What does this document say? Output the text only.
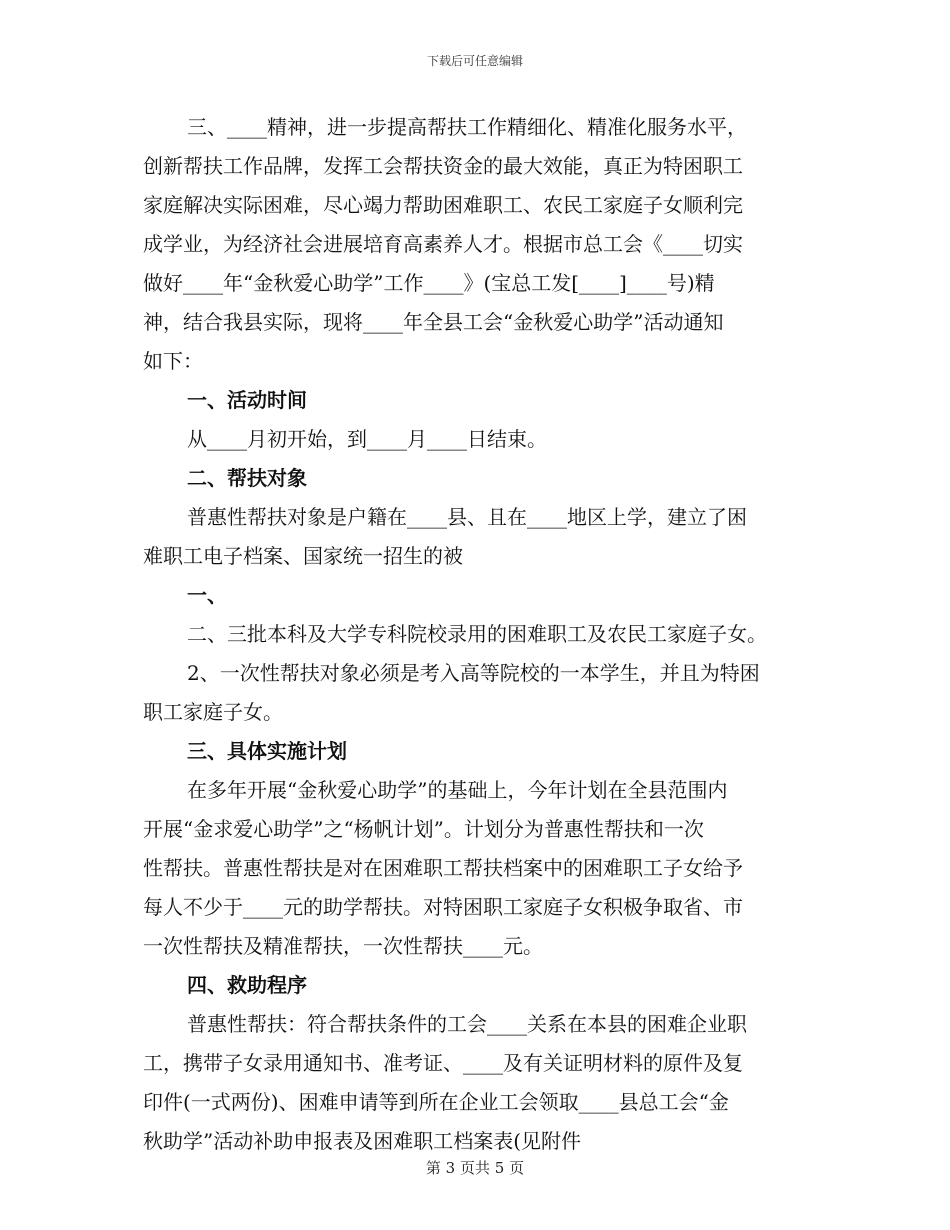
下载后可任意编辑
三、____精神，进一步提高帮扶工作精细化、精准化服务水平，
创新帮扶工作品牌，发挥工会帮扶资金的最大效能，真正为特困职工
家庭解决实际困难，尽心竭力帮助困难职工、农民工家庭子女顺利完
成学业，为经济社会进展培育高素养人才。根据市总工会《____切实
做好____年“金秋爱心助学”工作____》(宝总工发[____]____号)精
神，结合我县实际，现将____年全县工会“金秋爱心助学”活动通知
如下：
一、活动时间
从____月初开始，到____月____日结束。
二、帮扶对象
普惠性帮扶对象是户籍在____县、且在____地区上学，建立了困
难职工电子档案、国家统一招生的被
一、
二、三批本科及大学专科院校录用的困难职工及农民工家庭子女。
2、一次性帮扶对象必须是考入高等院校的一本学生，并且为特困
职工家庭子女。
三、具体实施计划
在多年开展“金秋爱心助学”的基础上，今年计划在全县范围内
开展“金求爱心助学”之“杨帆计划”。计划分为普惠性帮扶和一次
性帮扶。普惠性帮扶是对在困难职工帮扶档案中的困难职工子女给予
每人不少于____元的助学帮扶。对特困职工家庭子女积极争取省、市
一次性帮扶及精准帮扶，一次性帮扶____元。
四、救助程序
普惠性帮扶：符合帮扶条件的工会____关系在本县的困难企业职
工，携带子女录用通知书、准考证、____及有关证明材料的原件及复
印件(一式两份)、困难申请等到所在企业工会领取____县总工会“金
秋助学”活动补助申报表及困难职工档案表(见附件
第 3 页共 5 页
